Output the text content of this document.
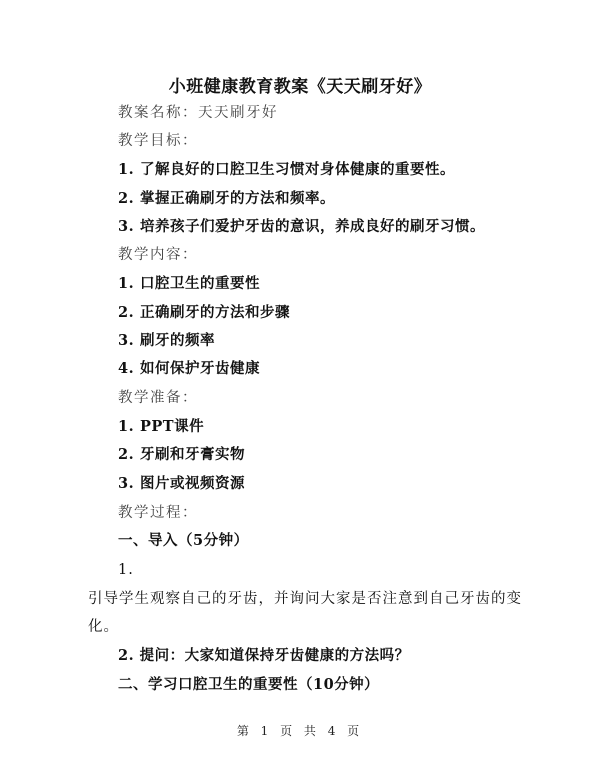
小班健康教育教案《天天刷牙好》
教案名称：天天刷牙好
教学目标：
1. 了解良好的口腔卫生习惯对身体健康的重要性。
2. 掌握正确刷牙的方法和频率。
3. 培养孩子们爱护牙齿的意识，养成良好的刷牙习惯。
教学内容：
1. 口腔卫生的重要性
2. 正确刷牙的方法和步骤
3. 刷牙的频率
4. 如何保护牙齿健康
教学准备：
1. PPT课件
2. 牙刷和牙膏实物
3. 图片或视频资源
教学过程：
一、导入（5分钟）
1.
引导学生观察自己的牙齿，并询问大家是否注意到自己牙齿的变
化。
2. 提问：大家知道保持牙齿健康的方法吗？
二、学习口腔卫生的重要性（10分钟）
第 1 页 共 4 页
